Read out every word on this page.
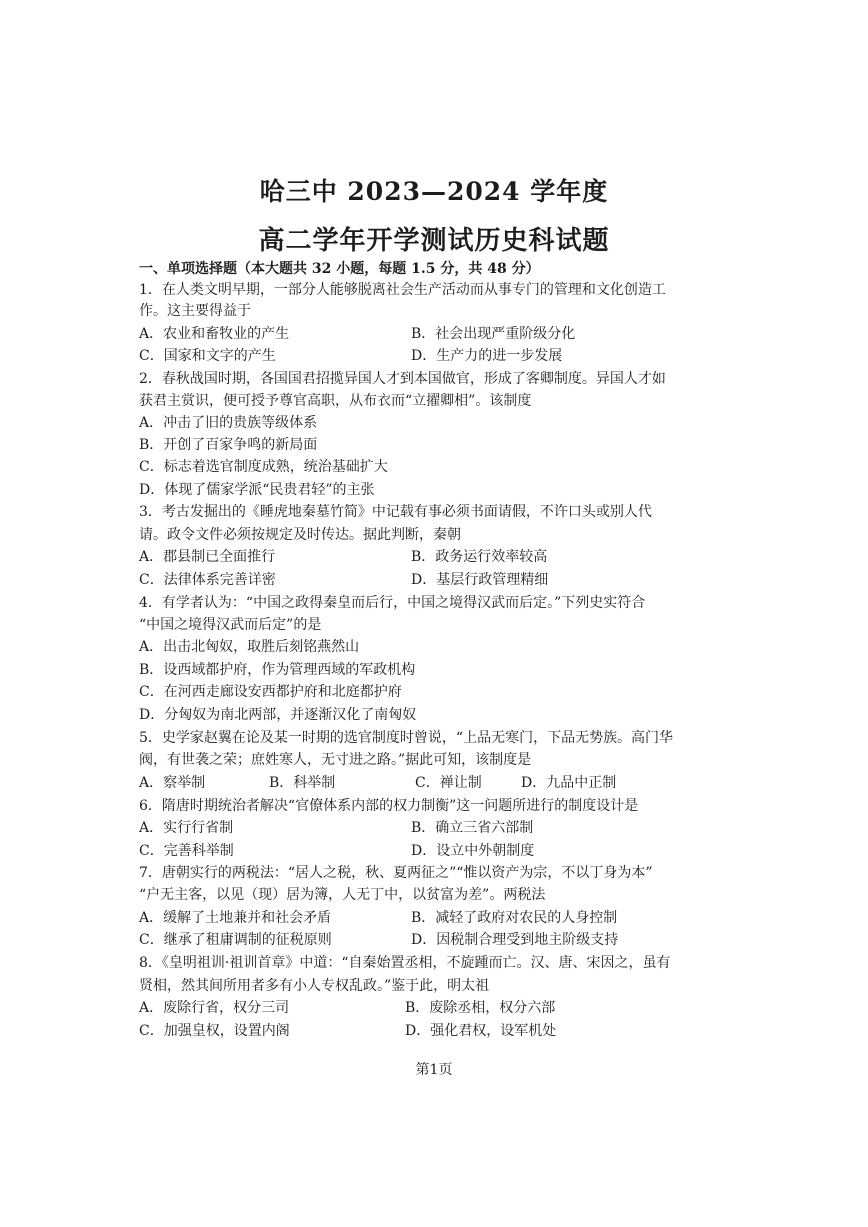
哈三中 2023—2024 学年度
高二学年开学测试历史科试题
一、单项选择题（本大题共 32 小题，每题 1.5 分，共 48 分）
1．在人类文明早期，一部分人能够脱离社会生产活动而从事专门的管理和文化创造工
作。这主要得益于
A．农业和畜牧业的产生	B．社会出现严重阶级分化
C．国家和文字的产生	D．生产力的进一步发展
2．春秋战国时期，各国国君招揽异国人才到本国做官，形成了客卿制度。异国人才如
获君主赏识，便可授予尊官高职，从布衣而“立擢卿相”。该制度
A．冲击了旧的贵族等级体系
B．开创了百家争鸣的新局面
C．标志着选官制度成熟，统治基础扩大
D．体现了儒家学派“民贵君轻”的主张
3．考古发掘出的《睡虎地秦墓竹简》中记载有事必须书面请假，不许口头或别人代
请。政令文件必须按规定及时传达。据此判断，秦朝
A．郡县制已全面推行	B．政务运行效率较高
C．法律体系完善详密	D．基层行政管理精细
4．有学者认为：“中国之政得秦皇而后行，中国之境得汉武而后定。”下列史实符合
“中国之境得汉武而后定”的是
A．出击北匈奴，取胜后刻铭燕然山
B．设西域都护府，作为管理西域的军政机构
C．在河西走廊设安西都护府和北庭都护府
D．分匈奴为南北两部，并逐渐汉化了南匈奴
5．史学家赵翼在论及某一时期的选官制度时曾说，“上品无寒门，下品无势族。高门华
阀，有世袭之荣；庶姓寒人，无寸进之路。”据此可知，该制度是
A．察举制	B．科举制	C．禅让制	D．九品中正制
6．隋唐时期统治者解决“官僚体系内部的权力制衡”这一问题所进行的制度设计是
A．实行行省制	B．确立三省六部制
C．完善科举制	D．设立中外朝制度
7．唐朝实行的两税法：“居人之税，秋、夏两征之”“惟以资产为宗，不以丁身为本”
“户无主客，以见（现）居为簿，人无丁中，以贫富为差”。两税法
A．缓解了土地兼并和社会矛盾	B．减轻了政府对农民的人身控制
C．继承了租庸调制的征税原则	D．因税制合理受到地主阶级支持
8．《皇明祖训·祖训首章》中道：“自秦始置丞相，不旋踵而亡。汉、唐、宋因之，虽有
贤相，然其间所用者多有小人专权乱政。”鉴于此，明太祖
A．废除行省，权分三司	B．废除丞相，权分六部
C．加强皇权，设置内阁	D．强化君权，设军机处
第1页
